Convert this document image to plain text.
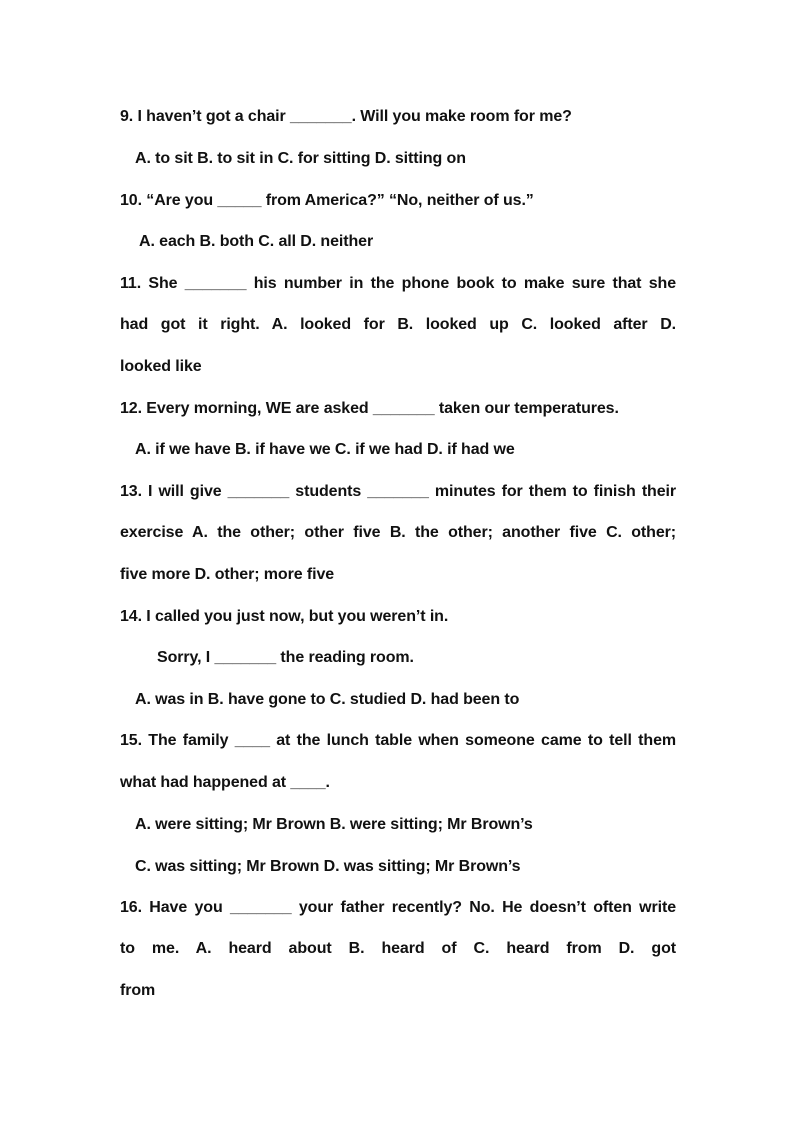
9. I haven’t got a chair _______. Will you make room for me?
A. to sit B. to sit in C. for sitting D. sitting on
10. “Are you _____ from America?” “No, neither of us.”
A. each B. both C. all D. neither
11. She _______ his number in the phone book to make sure that she
had got it right. A. looked for B. looked up C. looked after D.
looked like
12. Every morning, WE are asked _______ taken our temperatures.
A. if we have B. if have we C. if we had D. if had we
13. I will give _______ students _______ minutes for them to finish their
exercise A. the other; other five B. the other; another five C. other;
five more D. other; more five
14. I called you just now, but you weren’t in.
Sorry, I _______ the reading room.
A. was in B. have gone to C. studied D. had been to
15. The family ____ at the lunch table when someone came to tell them
what had happened at ____.
A. were sitting; Mr Brown B. were sitting; Mr Brown’s
C. was sitting; Mr Brown D. was sitting; Mr Brown’s
16. Have you _______ your father recently? No. He doesn’t often write
to me. A. heard about B. heard of C. heard from D. got
from
